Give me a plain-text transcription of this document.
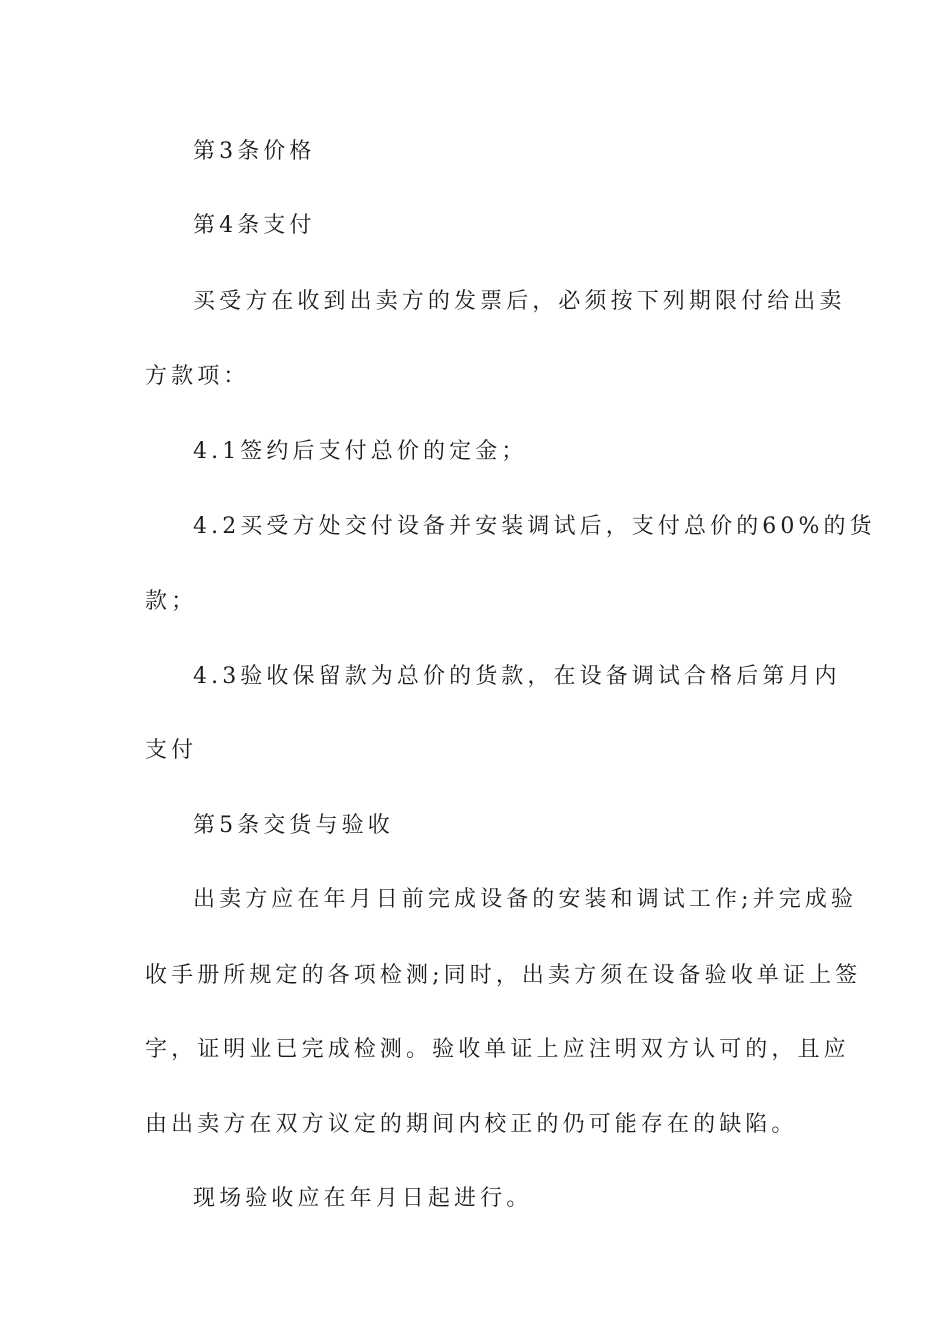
第3条价格
第4条支付
买受方在收到出卖方的发票后，必须按下列期限付给出卖
方款项：
4.1签约后支付总价的定金；
4.2买受方处交付设备并安装调试后，支付总价的60%的货
款；
4.3验收保留款为总价的货款，在设备调试合格后第月内
支付
第5条交货与验收
出卖方应在年月日前完成设备的安装和调试工作;并完成验
收手册所规定的各项检测;同时，出卖方须在设备验收单证上签
字，证明业已完成检测。验收单证上应注明双方认可的，且应
由出卖方在双方议定的期间内校正的仍可能存在的缺陷。
现场验收应在年月日起进行。
